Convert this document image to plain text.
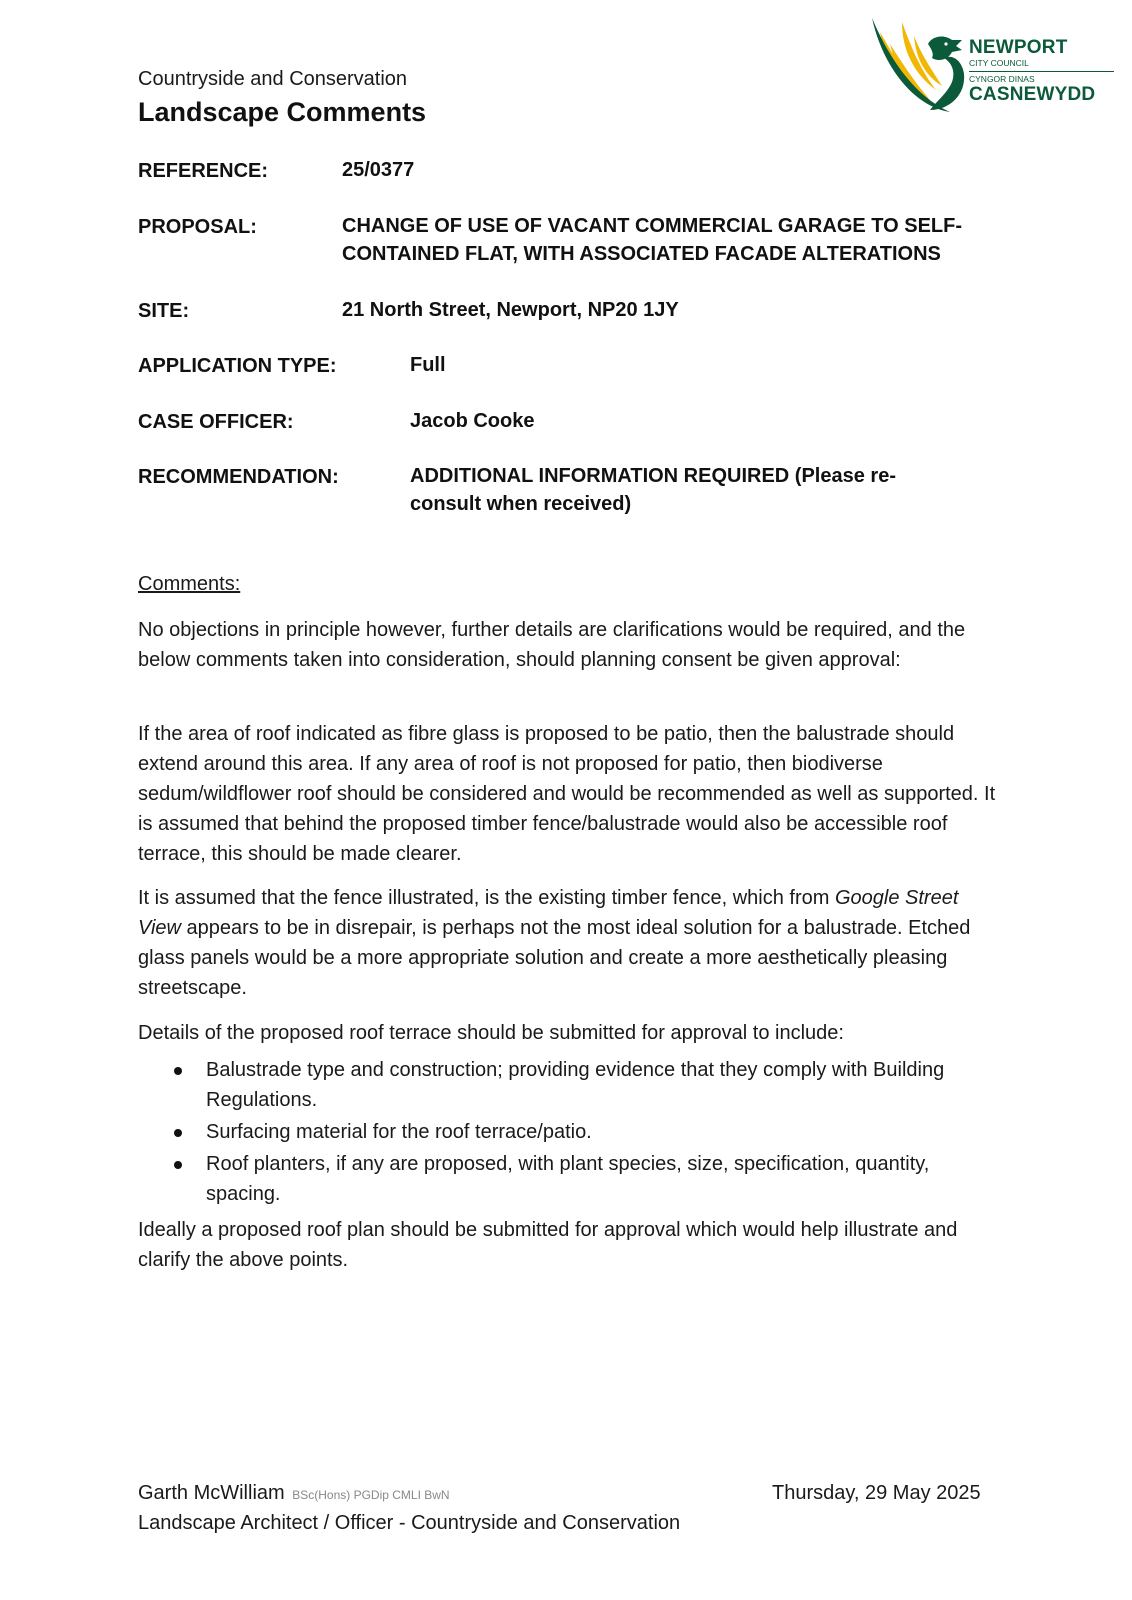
Countryside and Conservation
Landscape Comments
NEWPORT
CITY COUNCIL
CYNGOR DINAS
CASNEWYDD
REFERENCE:	25/0377
PROPOSAL:	CHANGE OF USE OF VACANT COMMERCIAL GARAGE TO SELF-
CONTAINED FLAT, WITH ASSOCIATED FACADE ALTERATIONS
SITE:	21 North Street, Newport, NP20 1JY
APPLICATION TYPE:	Full
CASE OFFICER:	Jacob Cooke
RECOMMENDATION:	ADDITIONAL INFORMATION REQUIRED (Please re-
consult when received)
Comments:
No objections in principle however, further details are clarifications would be required, and the below comments taken into consideration, should planning consent be given approval:
If the area of roof indicated as fibre glass is proposed to be patio, then the balustrade should extend around this area. If any area of roof is not proposed for patio, then biodiverse sedum/wildflower roof should be considered and would be recommended as well as supported. It is assumed that behind the proposed timber fence/balustrade would also be accessible roof terrace, this should be made clearer.
It is assumed that the fence illustrated, is the existing timber fence, which from Google Street View appears to be in disrepair, is perhaps not the most ideal solution for a balustrade. Etched glass panels would be a more appropriate solution and create a more aesthetically pleasing streetscape.
Details of the proposed roof terrace should be submitted for approval to include:
Balustrade type and construction; providing evidence that they comply with Building Regulations.
Surfacing material for the roof terrace/patio.
Roof planters, if any are proposed, with plant species, size, specification, quantity, spacing.
Ideally a proposed roof plan should be submitted for approval which would help illustrate and clarify the above points.
Garth McWilliam BSc(Hons) PGDip CMLI BwN
Landscape Architect / Officer - Countryside and Conservation
Thursday, 29 May 2025
